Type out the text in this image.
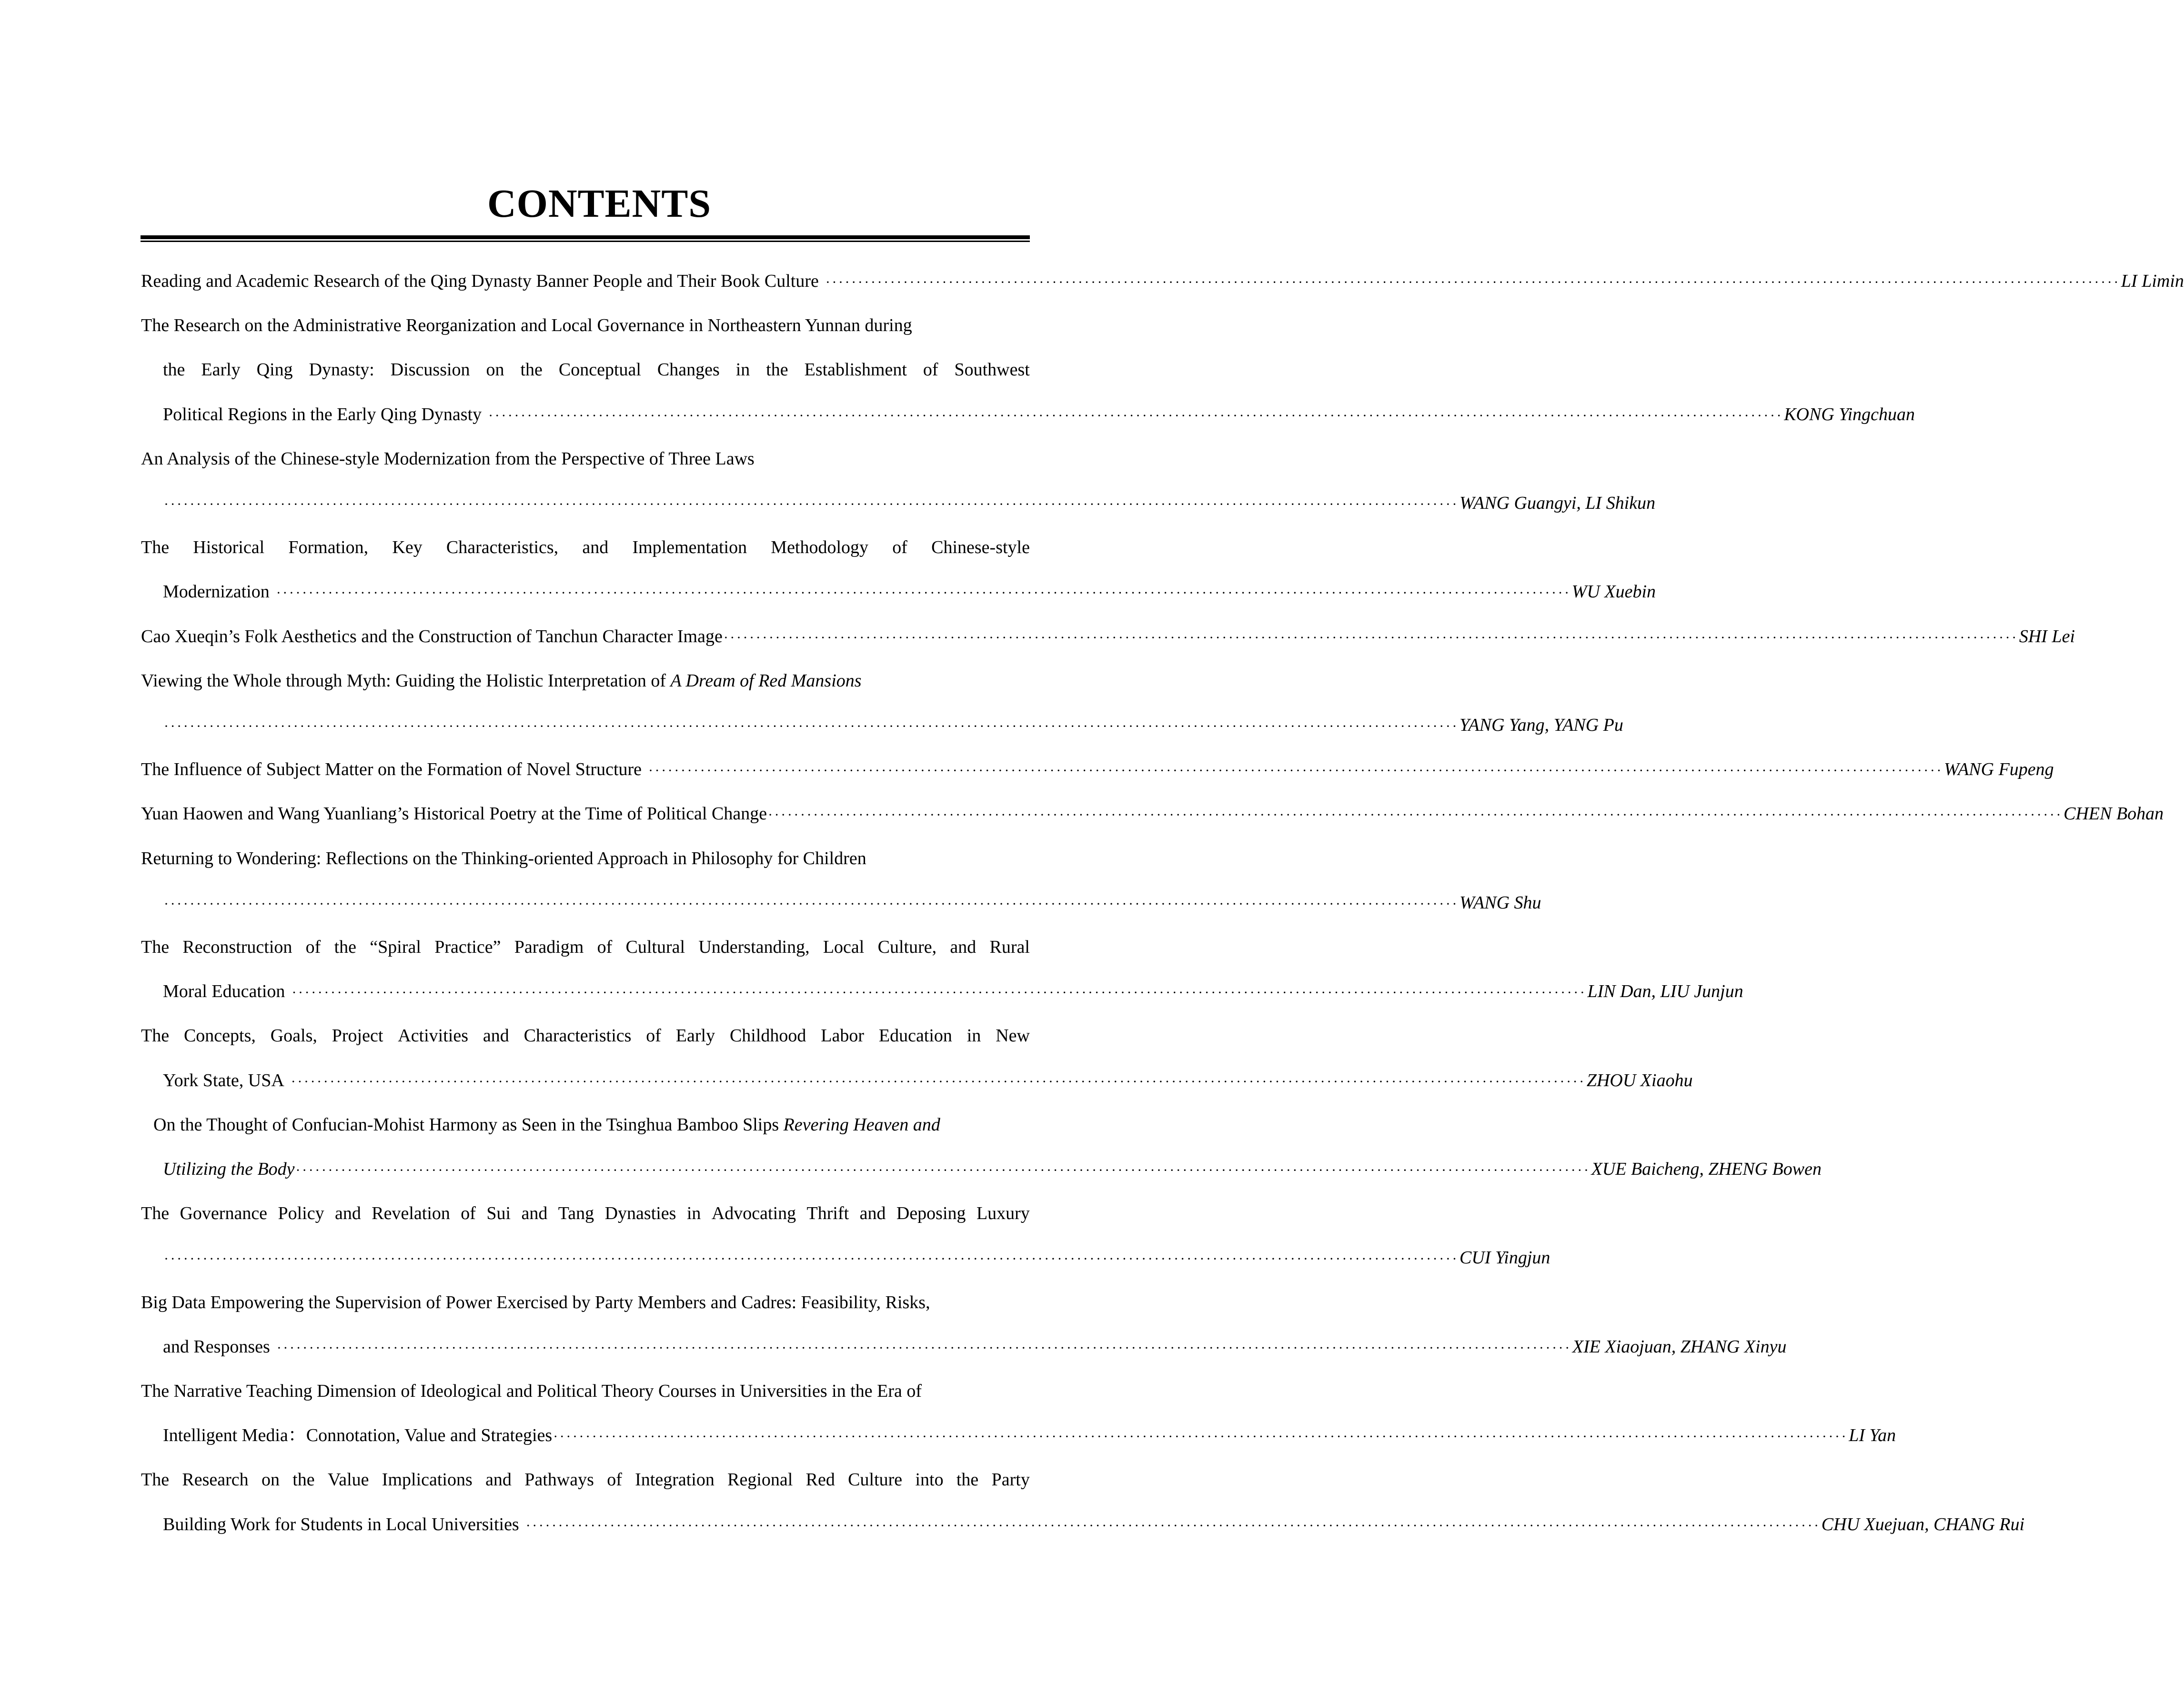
CONTENTS
Reading and Academic Research of the Qing Dynasty Banner People and Their Book Culture ········································································································································································································ LI Limin
The Research on the Administrative Reorganization and Local Governance in Northeastern Yunnan during
the Early Qing Dynasty: Discussion on the Conceptual Changes in the Establishment of Southwest
Political Regions in the Early Qing Dynasty ········································································································································································································ KONG Yingchuan
An Analysis of the Chinese-style Modernization from the Perspective of Three Laws
········································································································································································································ WANG Guangyi, LI Shikun
The Historical Formation, Key Characteristics, and Implementation Methodology of Chinese-style
Modernization ········································································································································································································ WU Xuebin
Cao Xueqin’s Folk Aesthetics and the Construction of Tanchun Character Image ········································································································································································································ SHI Lei
Viewing the Whole through Myth: Guiding the Holistic Interpretation of A Dream of Red Mansions
········································································································································································································ YANG Yang, YANG Pu
The Influence of Subject Matter on the Formation of Novel Structure ········································································································································································································ WANG Fupeng
Yuan Haowen and Wang Yuanliang’s Historical Poetry at the Time of Political Change ········································································································································································································ CHEN Bohan
Returning to Wondering: Reflections on the Thinking-oriented Approach in Philosophy for Children
········································································································································································································ WANG Shu
The Reconstruction of the “Spiral Practice” Paradigm of Cultural Understanding, Local Culture, and Rural
Moral Education ········································································································································································································ LIN Dan, LIU Junjun
The Concepts, Goals, Project Activities and Characteristics of Early Childhood Labor Education in New
York State, USA ········································································································································································································ ZHOU Xiaohu
On the Thought of Confucian-Mohist Harmony as Seen in the Tsinghua Bamboo Slips Revering Heaven and
Utilizing the Body ········································································································································································································ XUE Baicheng, ZHENG Bowen
The Governance Policy and Revelation of Sui and Tang Dynasties in Advocating Thrift and Deposing Luxury
········································································································································································································ CUI Yingjun
Big Data Empowering the Supervision of Power Exercised by Party Members and Cadres: Feasibility, Risks,
and Responses ········································································································································································································ XIE Xiaojuan, ZHANG Xinyu
The Narrative Teaching Dimension of Ideological and Political Theory Courses in Universities in the Era of
Intelligent Media：Connotation, Value and Strategies ········································································································································································································ LI Yan
The Research on the Value Implications and Pathways of Integration Regional Red Culture into the Party
Building Work for Students in Local Universities ········································································································································································································ CHU Xuejuan, CHANG Rui
